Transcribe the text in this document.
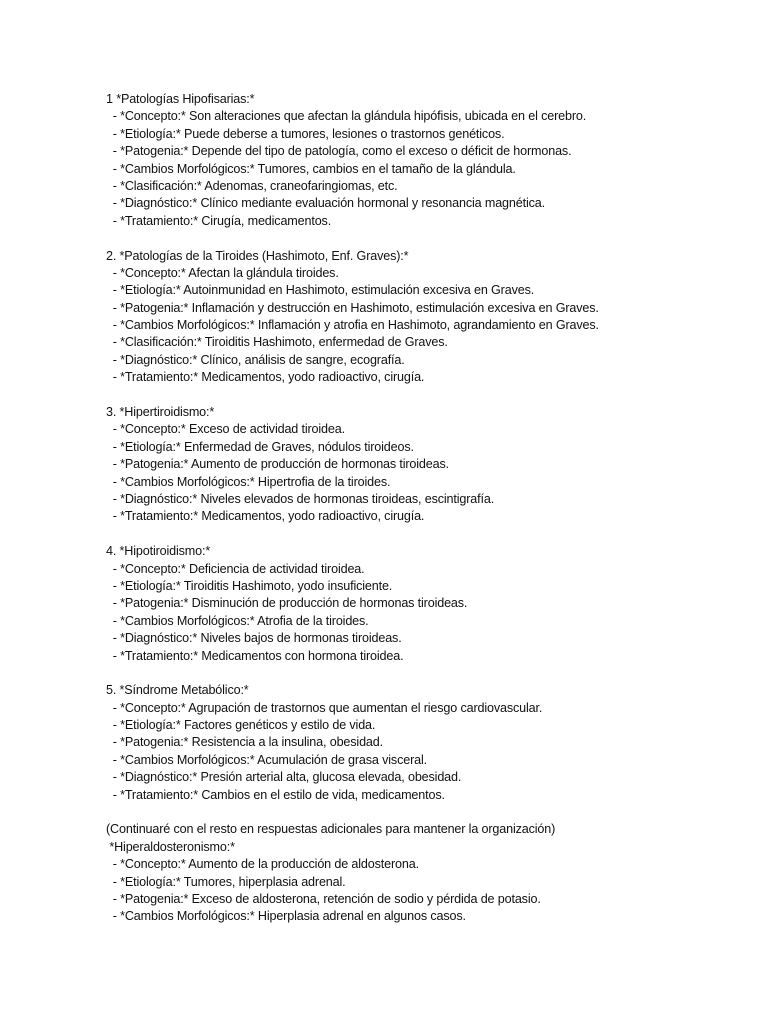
1 *Patologías Hipofisarias:*
- *Concepto:* Son alteraciones que afectan la glándula hipófisis, ubicada en el cerebro.
- *Etiología:* Puede deberse a tumores, lesiones o trastornos genéticos.
- *Patogenia:* Depende del tipo de patología, como el exceso o déficit de hormonas.
- *Cambios Morfológicos:* Tumores, cambios en el tamaño de la glándula.
- *Clasificación:* Adenomas, craneofaringiomas, etc.
- *Diagnóstico:* Clínico mediante evaluación hormonal y resonancia magnética.
- *Tratamiento:* Cirugía, medicamentos.
2. *Patologías de la Tiroides (Hashimoto, Enf. Graves):*
- *Concepto:* Afectan la glándula tiroides.
- *Etiología:* Autoinmunidad en Hashimoto, estimulación excesiva en Graves.
- *Patogenia:* Inflamación y destrucción en Hashimoto, estimulación excesiva en Graves.
- *Cambios Morfológicos:* Inflamación y atrofia en Hashimoto, agrandamiento en Graves.
- *Clasificación:* Tiroiditis Hashimoto, enfermedad de Graves.
- *Diagnóstico:* Clínico, análisis de sangre, ecografía.
- *Tratamiento:* Medicamentos, yodo radioactivo, cirugía.
3. *Hipertiroidismo:*
- *Concepto:* Exceso de actividad tiroidea.
- *Etiología:* Enfermedad de Graves, nódulos tiroideos.
- *Patogenia:* Aumento de producción de hormonas tiroideas.
- *Cambios Morfológicos:* Hipertrofia de la tiroides.
- *Diagnóstico:* Niveles elevados de hormonas tiroideas, escintigrafía.
- *Tratamiento:* Medicamentos, yodo radioactivo, cirugía.
4. *Hipotiroidismo:*
- *Concepto:* Deficiencia de actividad tiroidea.
- *Etiología:* Tiroiditis Hashimoto, yodo insuficiente.
- *Patogenia:* Disminución de producción de hormonas tiroideas.
- *Cambios Morfológicos:* Atrofia de la tiroides.
- *Diagnóstico:* Niveles bajos de hormonas tiroideas.
- *Tratamiento:* Medicamentos con hormona tiroidea.
5. *Síndrome Metabólico:*
- *Concepto:* Agrupación de trastornos que aumentan el riesgo cardiovascular.
- *Etiología:* Factores genéticos y estilo de vida.
- *Patogenia:* Resistencia a la insulina, obesidad.
- *Cambios Morfológicos:* Acumulación de grasa visceral.
- *Diagnóstico:* Presión arterial alta, glucosa elevada, obesidad.
- *Tratamiento:* Cambios en el estilo de vida, medicamentos.
(Continuaré con el resto en respuestas adicionales para mantener la organización)
*Hiperaldosteronismo:*
- *Concepto:* Aumento de la producción de aldosterona.
- *Etiología:* Tumores, hiperplasia adrenal.
- *Patogenia:* Exceso de aldosterona, retención de sodio y pérdida de potasio.
- *Cambios Morfológicos:* Hiperplasia adrenal en algunos casos.
